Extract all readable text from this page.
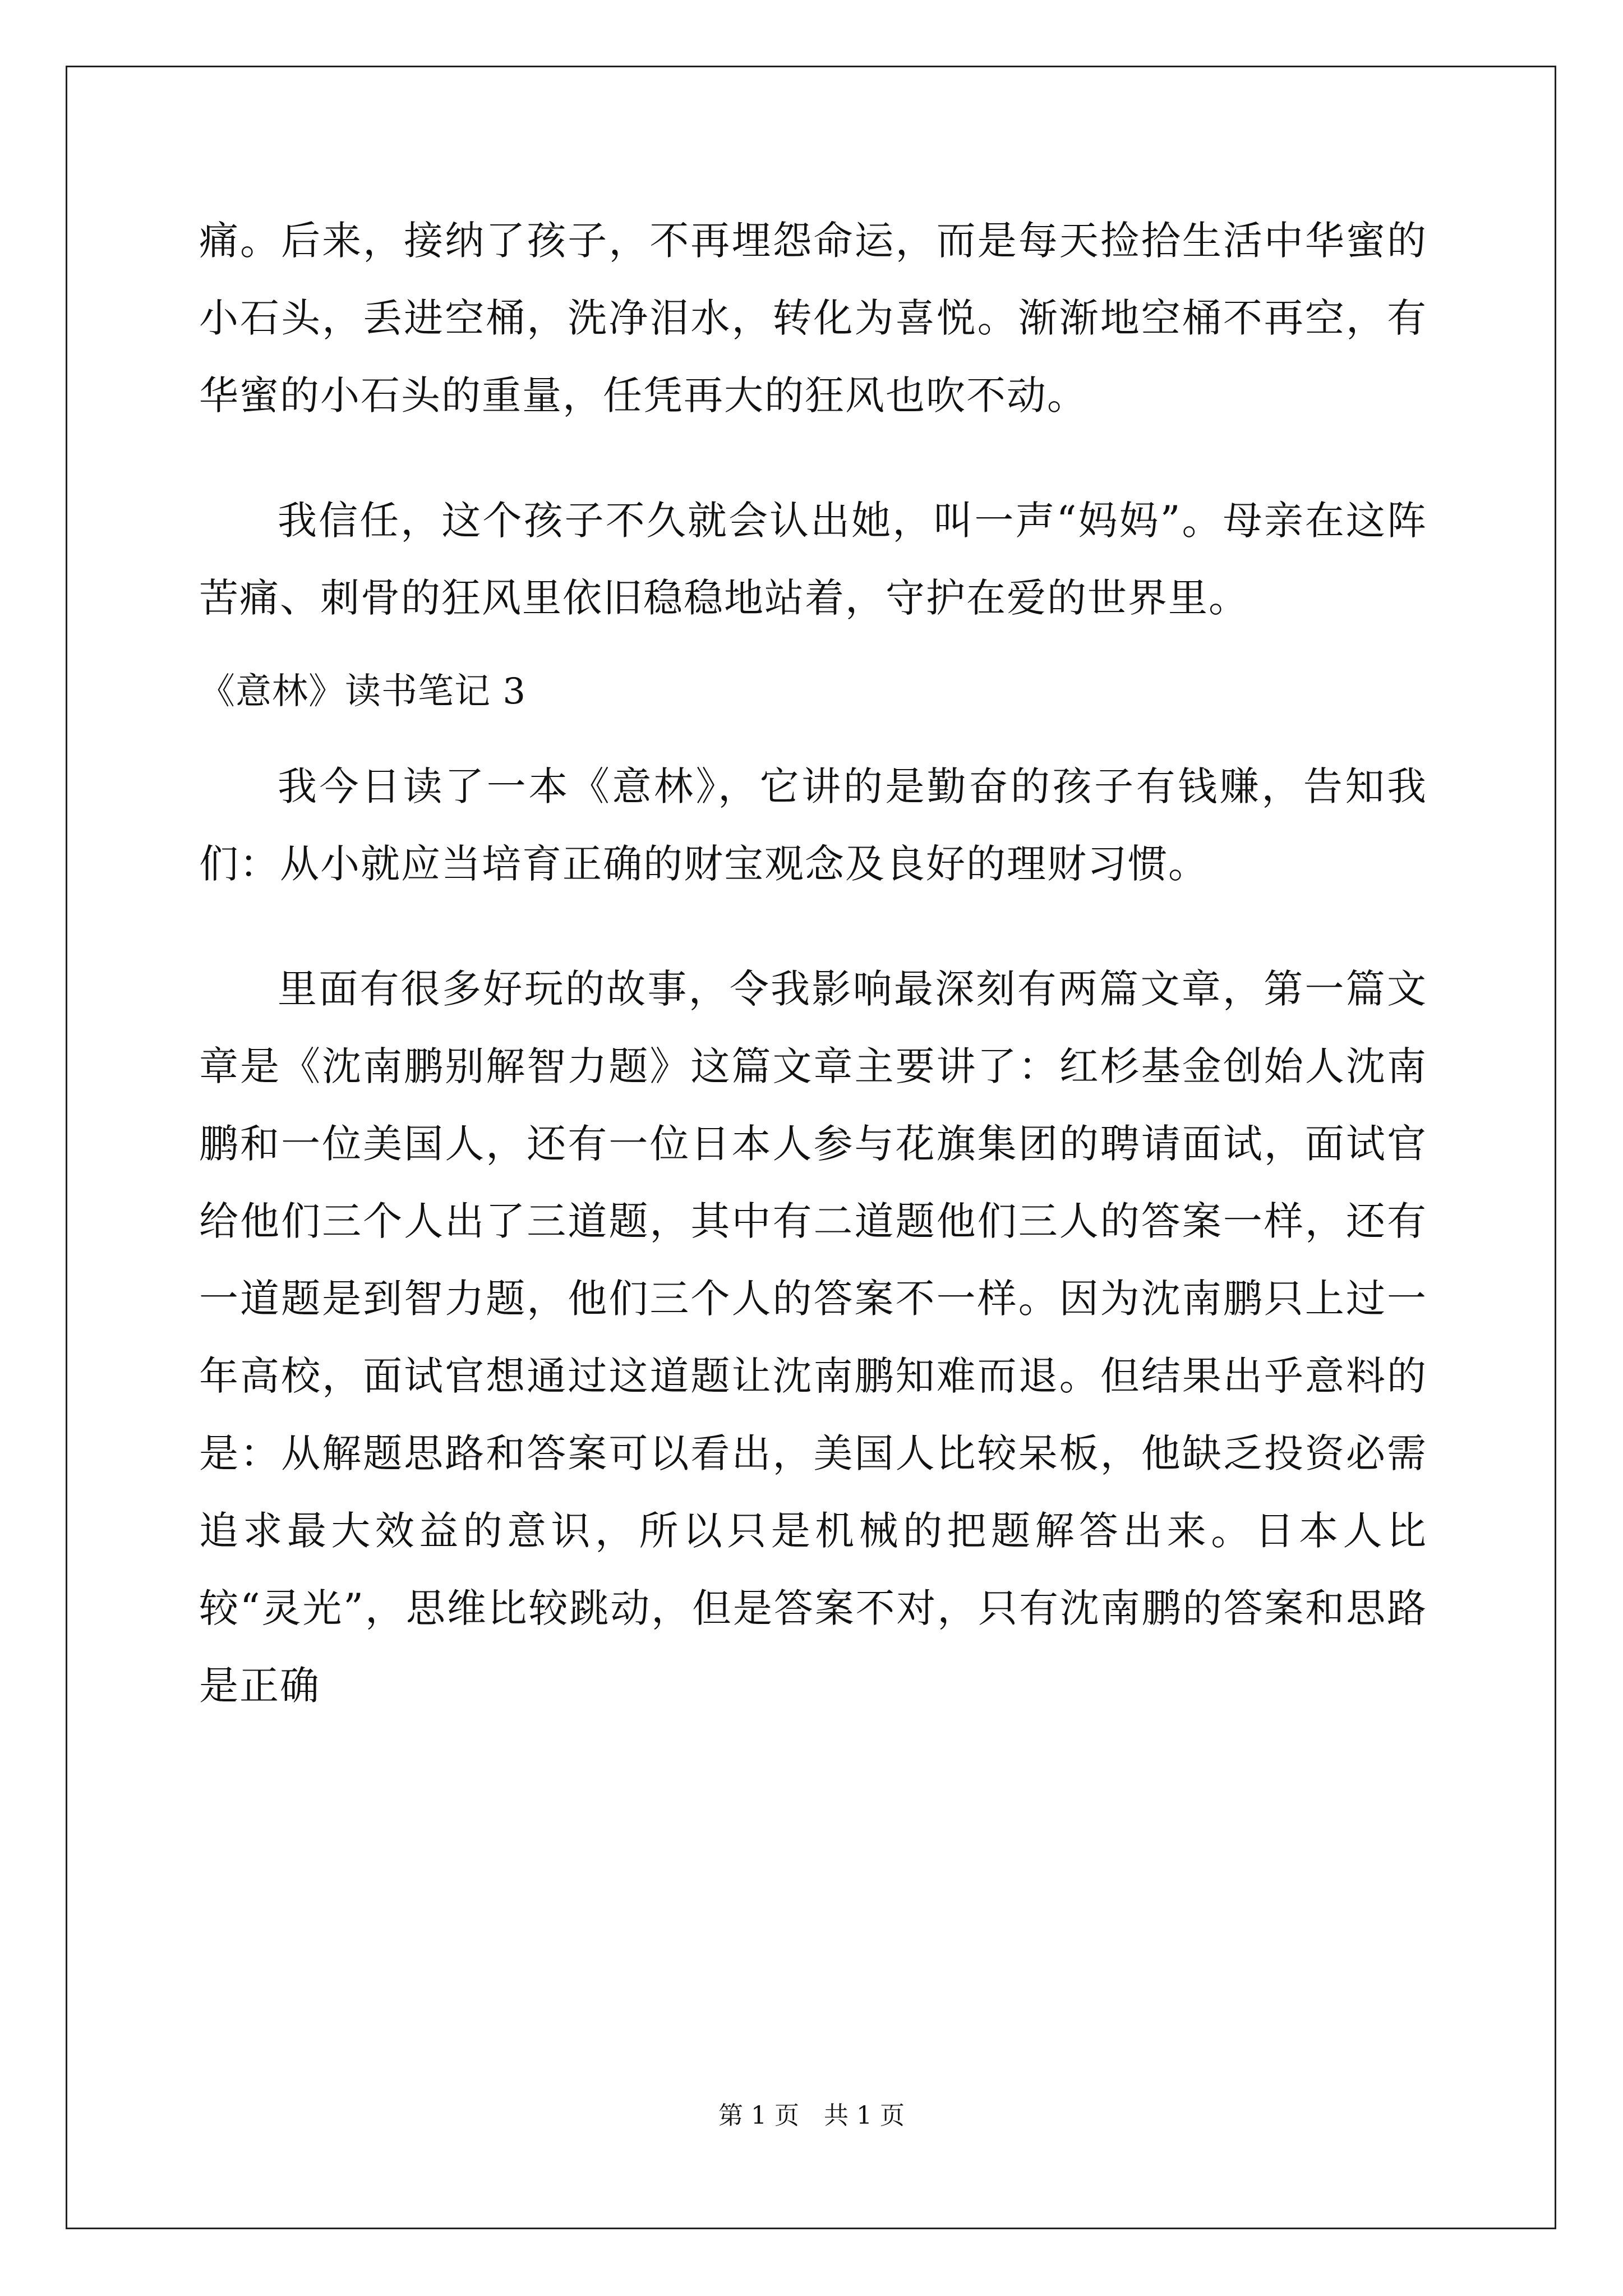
痛。后来，接纳了孩子，不再埋怨命运，而是每天捡拾生活中华蜜的小石头，丢进空桶，洗净泪水，转化为喜悦。渐渐地空桶不再空，有华蜜的小石头的重量，任凭再大的狂风也吹不动。

我信任，这个孩子不久就会认出她，叫一声“妈妈”。母亲在这阵苦痛、刺骨的狂风里依旧稳稳地站着，守护在爱的世界里。

《意林》读书笔记 3

我今日读了一本《意林》，它讲的是勤奋的孩子有钱赚，告知我们：从小就应当培育正确的财宝观念及良好的理财习惯。

里面有很多好玩的故事，令我影响最深刻有两篇文章，第一篇文章是《沈南鹏别解智力题》这篇文章主要讲了：红杉基金创始人沈南鹏和一位美国人，还有一位日本人参与花旗集团的聘请面试，面试官给他们三个人出了三道题，其中有二道题他们三人的答案一样，还有一道题是到智力题，他们三个人的答案不一样。因为沈南鹏只上过一年高校，面试官想通过这道题让沈南鹏知难而退。但结果出乎意料的是：从解题思路和答案可以看出，美国人比较呆板，他缺乏投资必需追求最大效益的意识，所以只是机械的把题解答出来。日本人比较“灵光”，思维比较跳动，但是答案不对，只有沈南鹏的答案和思路是正确

第 1 页　共 1 页
